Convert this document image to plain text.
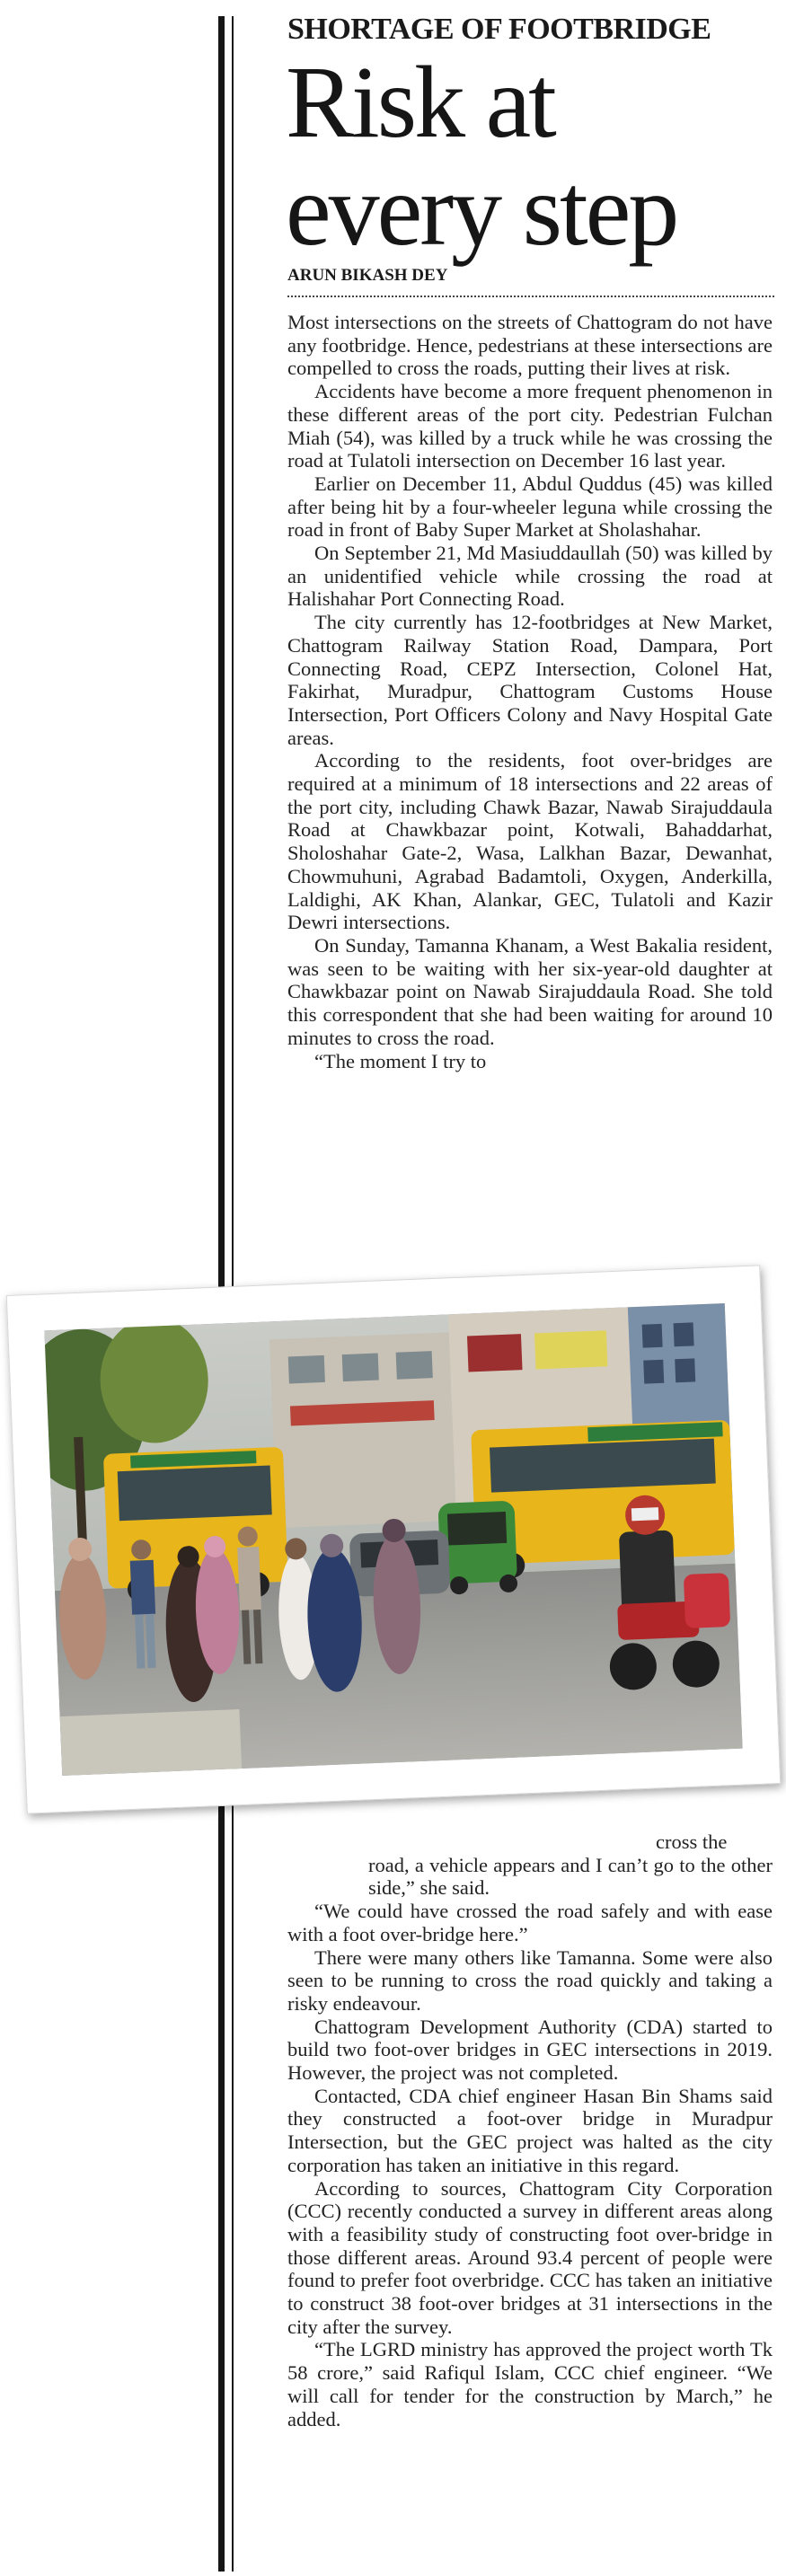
SHORTAGE OF FOOTBRIDGE
Risk at
every step
ARUN BIKASH DEY

Most intersections on the streets of Chattogram do not have any footbridge. Hence, pedestrians at these intersections are compelled to cross the roads, putting their lives at risk.

Accidents have become a more frequent phenomenon in these different areas of the port city. Pedestrian Fulchan Miah (54), was killed by a truck while he was crossing the road at Tulatoli intersection on December 16 last year.

Earlier on December 11, Abdul Quddus (45) was killed after being hit by a four-wheeler leguna while crossing the road in front of Baby Super Market at Sholashahar.

On September 21, Md Masiuddaullah (50) was killed by an unidentified vehicle while crossing the road at Halishahar Port Connecting Road.

The city currently has 12-footbridges at New Market, Chattogram Railway Station Road, Dampara, Port Connecting Road, CEPZ Intersection, Colonel Hat, Fakirhat, Muradpur, Chattogram Customs House Intersection, Port Officers Colony and Navy Hospital Gate areas.

According to the residents, foot over-bridges are required at a minimum of 18 intersections and 22 areas of the port city, including Chawk Bazar, Nawab Sirajuddaula Road at Chawkbazar point, Kotwali, Bahaddarhat, Sholoshahar Gate-2, Wasa, Lalkhan Bazar, Dewanhat, Chowmuhuni, Agrabad Badamtoli, Oxygen, Anderkilla, Laldighi, AK Khan, Alankar, GEC, Tulatoli and Kazir Dewri intersections.

On Sunday, Tamanna Khanam, a West Bakalia resident, was seen to be waiting with her six-year-old daughter at Chawkbazar point on Nawab Sirajuddaula Road. She told this correspondent that she had been waiting for around 10 minutes to cross the road.

“The moment I try to

cross the
road, a vehicle appears and I can’t go to the other side,” she said.

“We could have crossed the road safely and with ease with a foot over-bridge here.”

There were many others like Tamanna. Some were also seen to be running to cross the road quickly and taking a risky endeavour.

Chattogram Development Authority (CDA) started to build two foot-over bridges in GEC intersections in 2019. However, the project was not completed.

Contacted, CDA chief engineer Hasan Bin Shams said they constructed a foot-over bridge in Muradpur Intersection, but the GEC project was halted as the city corporation has taken an initiative in this regard.

According to sources, Chattogram City Corporation (CCC) recently conducted a survey in different areas along with a feasibility study of constructing foot over-bridge in those different areas. Around 93.4 percent of people were found to prefer foot overbridge. CCC has taken an initiative to construct 38 foot-over bridges at 31 intersections in the city after the survey.

“The LGRD ministry has approved the project worth Tk 58 crore,” said Rafiqul Islam, CCC chief engineer. “We will call for tender for the construction by March,” he added.
